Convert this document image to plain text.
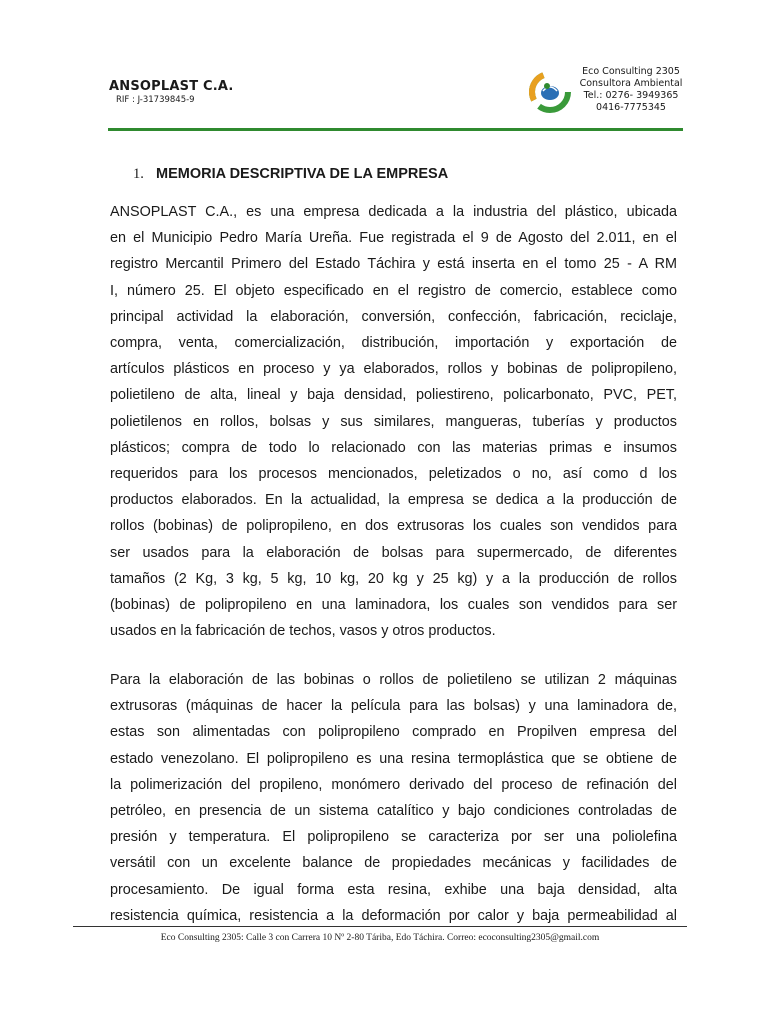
ANSOPLAST C.A.
RIF : J-31739845-9
Eco Consulting 2305
Consultora Ambiental
Tel.: 0276- 3949365
0416-7775345
1. MEMORIA DESCRIPTIVA DE LA EMPRESA
ANSOPLAST C.A., es una empresa dedicada a la industria del plástico, ubicada
en el Municipio Pedro María Ureña. Fue registrada el 9 de Agosto del 2.011, en el
registro Mercantil Primero del Estado Táchira y está inserta en el tomo 25 - A RM
I, número 25. El objeto especificado en el registro de comercio, establece como
principal actividad la elaboración, conversión, confección, fabricación, reciclaje,
compra, venta, comercialización, distribución, importación y exportación de
artículos plásticos en proceso y ya elaborados, rollos y bobinas de polipropileno,
polietileno de alta, lineal y baja densidad, poliestireno, policarbonato, PVC, PET,
polietilenos en rollos, bolsas y sus similares, mangueras, tuberías y productos
plásticos; compra de todo lo relacionado con las materias primas e insumos
requeridos para los procesos mencionados, peletizados o no, así como d los
productos elaborados. En la actualidad, la empresa se dedica a la producción de
rollos (bobinas) de polipropileno, en dos extrusoras los cuales son vendidos para
ser usados para la elaboración de bolsas para supermercado, de diferentes
tamaños (2 Kg, 3 kg, 5 kg, 10 kg, 20 kg y 25 kg) y a la producción de rollos
(bobinas) de polipropileno en una laminadora, los cuales son vendidos para ser
usados en la fabricación de techos, vasos y otros productos.
Para la elaboración de las bobinas o rollos de polietileno se utilizan 2 máquinas
extrusoras (máquinas de hacer la película para las bolsas) y una laminadora de,
estas son alimentadas con polipropileno comprado en Propilven empresa del
estado venezolano. El polipropileno es una resina termoplástica que se obtiene de
la polimerización del propileno, monómero derivado del proceso de refinación del
petróleo, en presencia de un sistema catalítico y bajo condiciones controladas de
presión y temperatura. El polipropileno se caracteriza por ser una poliolefina
versátil con un excelente balance de propiedades mecánicas y facilidades de
procesamiento. De igual forma esta resina, exhibe una baja densidad, alta
resistencia química, resistencia a la deformación por calor y baja permeabilidad al
Eco Consulting 2305: Calle 3 con Carrera 10 Nº 2-80 Táriba, Edo Táchira. Correo: ecoconsulting2305@gmail.com
